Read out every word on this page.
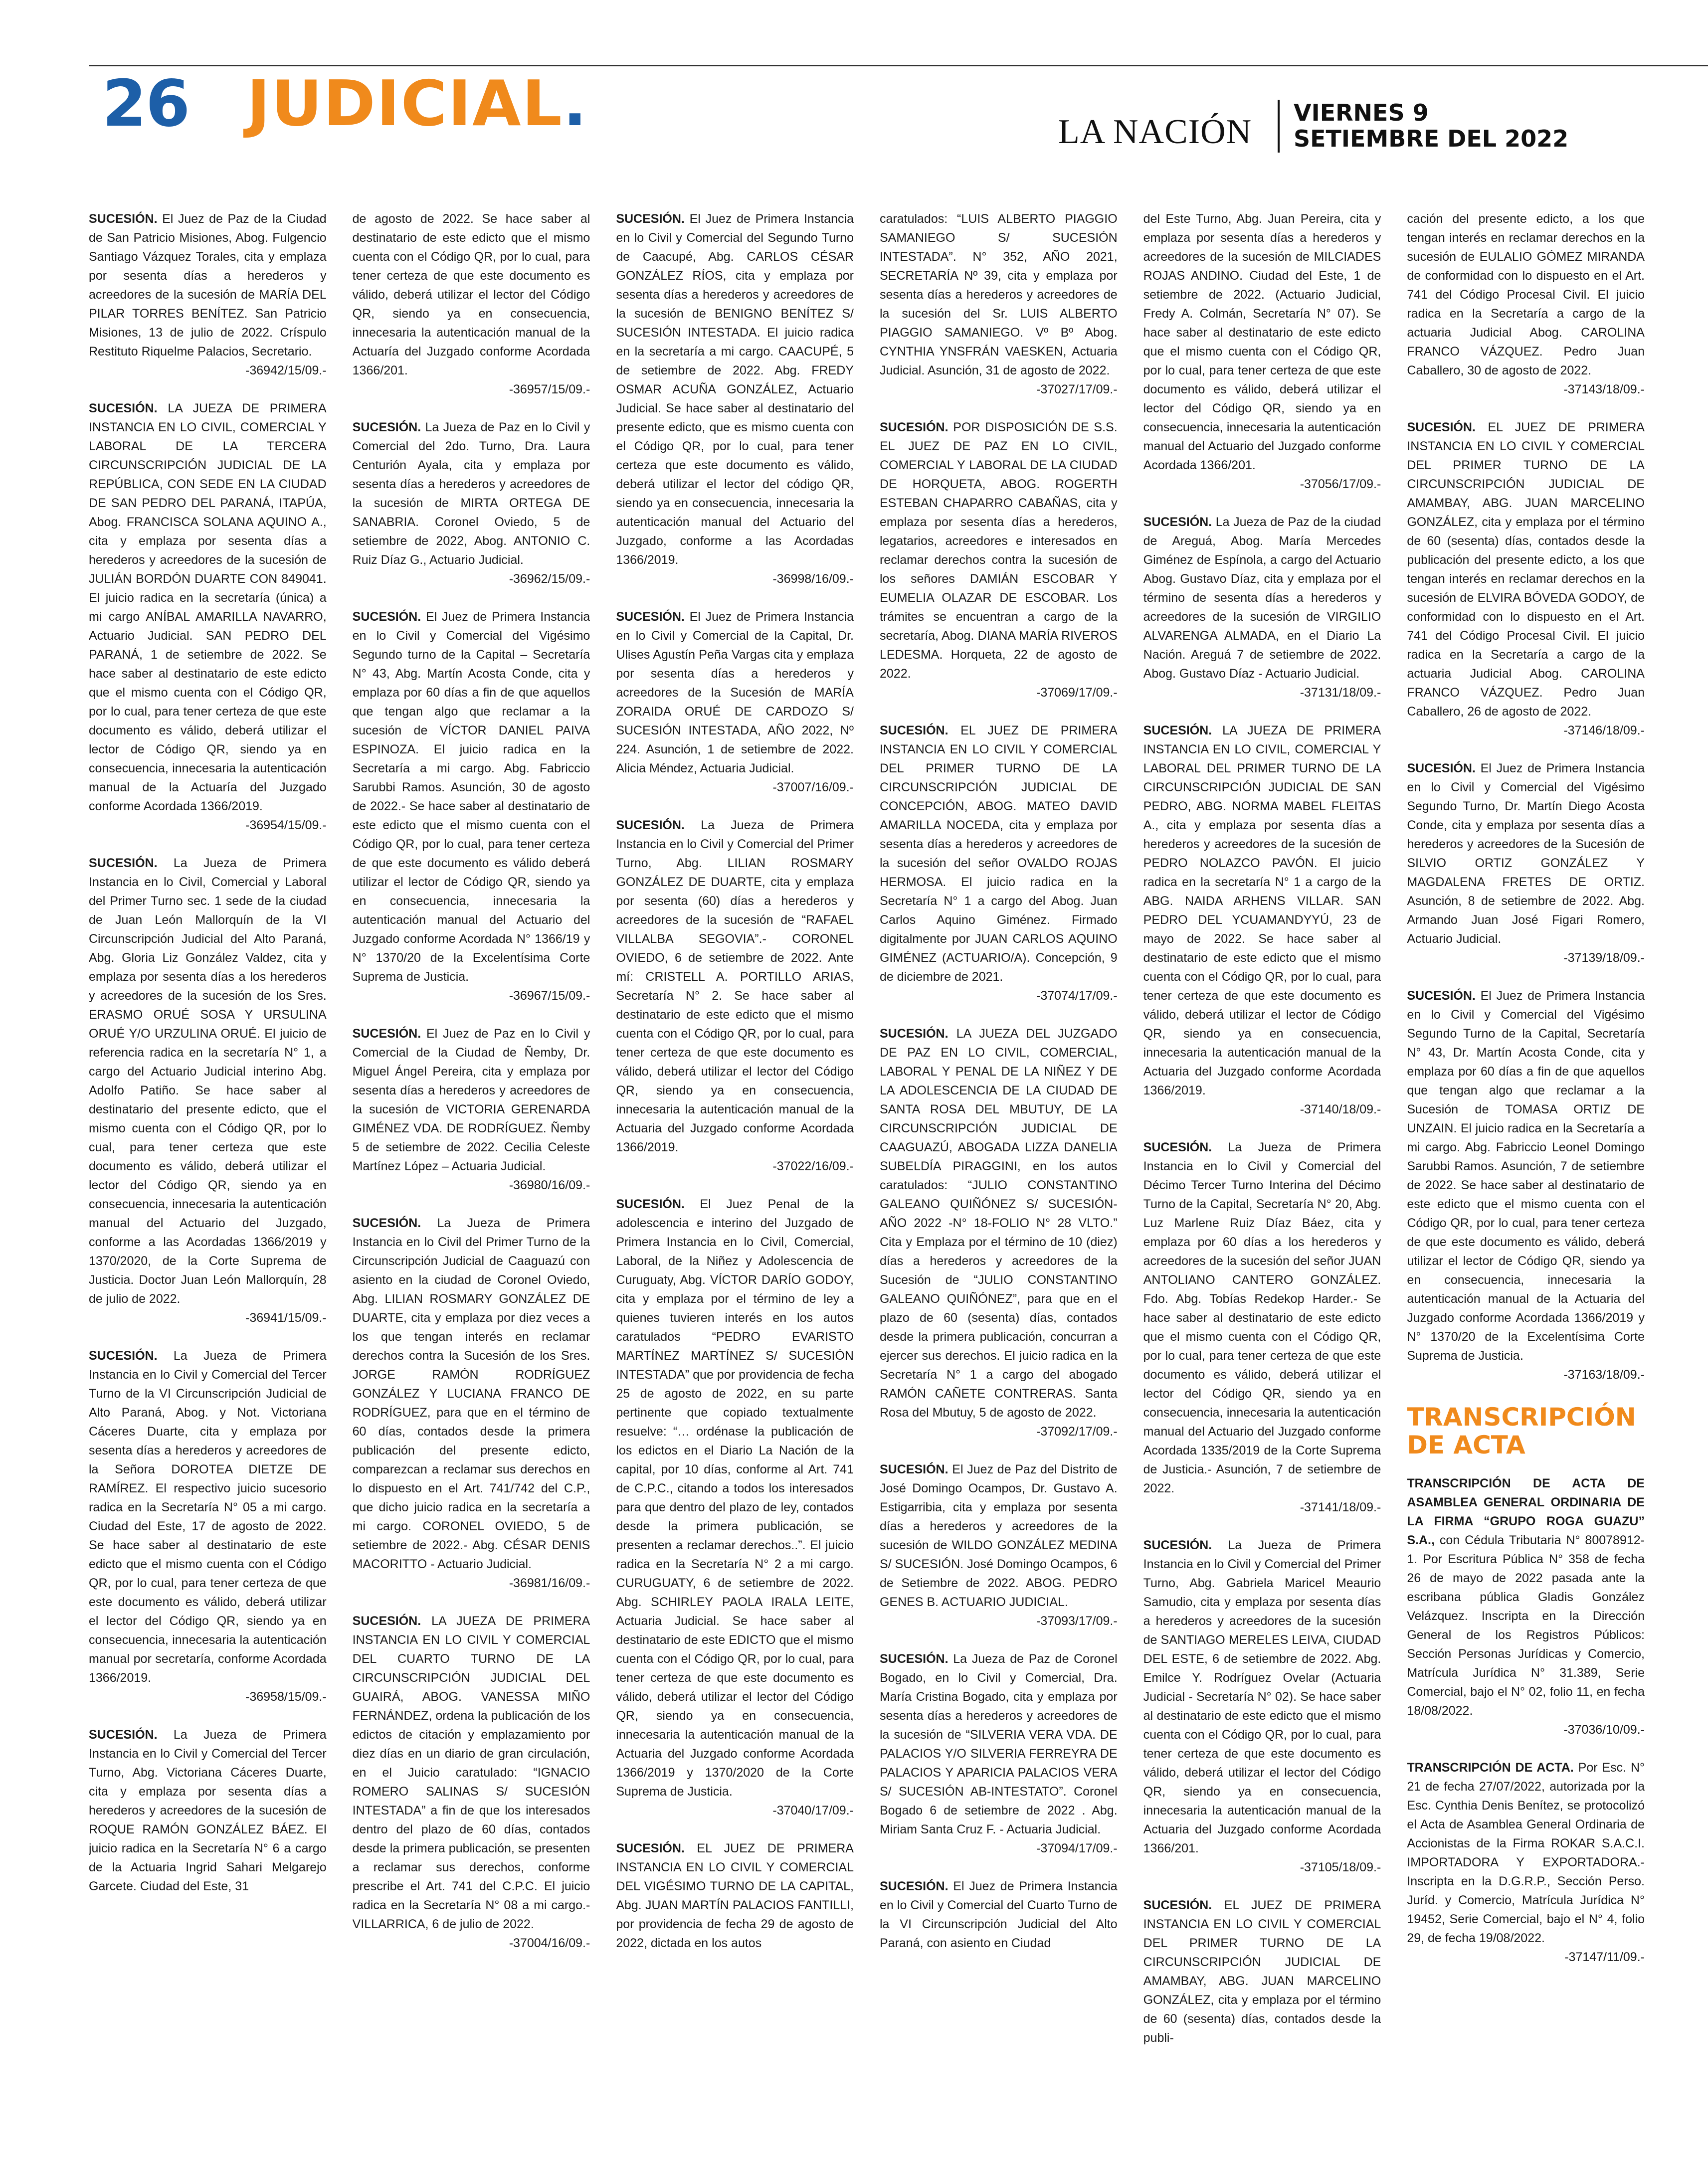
26 JUDICIAL.	LA NACIÓN VIERNES 9
SETIEMBRE DEL 2022

SUCESIÓN. El Juez de Paz de la Ciudad de San Patricio Misiones, Abog. Fulgencio Santiago Vázquez Torales, cita y emplaza por sesenta días a herederos y acreedores de la sucesión de MARÍA DEL PILAR TORRES BENÍTEZ. San Patricio Misiones, 13 de julio de 2022. Críspulo Restituto Riquelme Palacios, Secretario.
-36942/15/09.-

SUCESIÓN. LA JUEZA DE PRIMERA INSTANCIA EN LO CIVIL, COMERCIAL Y LABORAL DE LA TERCERA CIRCUNSCRIPCIÓN JUDICIAL DE LA REPÚBLICA, CON SEDE EN LA CIUDAD DE SAN PEDRO DEL PARANÁ, ITAPÚA, Abog. FRANCISCA SOLANA AQUINO A., cita y emplaza por sesenta días a herederos y acreedores de la sucesión de JULIÁN BORDÓN DUARTE CON 849041. El juicio radica en la secretaría (única) a mi cargo ANÍBAL AMARILLA NAVARRO, Actuario Judicial. SAN PEDRO DEL PARANÁ, 1 de setiembre de 2022. Se hace saber al destinatario de este edicto que el mismo cuenta con el Código QR, por lo cual, para tener certeza de que este documento es válido, deberá utilizar el lector de Código QR, siendo ya en consecuencia, innecesaria la autenticación manual de la Actuaría del Juzgado conforme Acordada 1366/2019.
-36954/15/09.-

SUCESIÓN. La Jueza de Primera Instancia en lo Civil, Comercial y Laboral del Primer Turno sec. 1 sede de la ciudad de Juan León Mallorquín de la VI Circunscripción Judicial del Alto Paraná, Abg. Gloria Liz González Valdez, cita y emplaza por sesenta días a los herederos y acreedores de la sucesión de los Sres. ERASMO ORUÉ SOSA Y URSULINA ORUÉ Y/O URZULINA ORUÉ. El juicio de referencia radica en la secretaría N° 1, a cargo del Actuario Judicial interino Abg. Adolfo Patiño. Se hace saber al destinatario del presente edicto, que el mismo cuenta con el Código QR, por lo cual, para tener certeza que este documento es válido, deberá utilizar el lector del Código QR, siendo ya en consecuencia, innecesaria la autenticación manual del Actuario del Juzgado, conforme a las Acordadas 1366/2019 y 1370/2020, de la Corte Suprema de Justicia. Doctor Juan León Mallorquín, 28 de julio de 2022.
-36941/15/09.-

SUCESIÓN. La Jueza de Primera Instancia en lo Civil y Comercial del Tercer Turno de la VI Circunscripción Judicial de Alto Paraná, Abog. y Not. Victoriana Cáceres Duarte, cita y emplaza por sesenta días a herederos y acreedores de la Señora DOROTEA DIETZE DE RAMÍREZ. El respectivo juicio sucesorio radica en la Secretaría N° 05 a mi cargo. Ciudad del Este, 17 de agosto de 2022. Se hace saber al destinatario de este edicto que el mismo cuenta con el Código QR, por lo cual, para tener certeza de que este documento es válido, deberá utilizar el lector del Código QR, siendo ya en consecuencia, innecesaria la autenticación manual por secretaría, conforme Acordada 1366/2019.
-36958/15/09.-

SUCESIÓN. La Jueza de Primera Instancia en lo Civil y Comercial del Tercer Turno, Abg. Victoriana Cáceres Duarte, cita y emplaza por sesenta días a herederos y acreedores de la sucesión de ROQUE RAMÓN GONZÁLEZ BÁEZ. El juicio radica en la Secretaría N° 6 a cargo de la Actuaria Ingrid Sahari Melgarejo Garcete. Ciudad del Este, 31

de agosto de 2022. Se hace saber al destinatario de este edicto que el mismo cuenta con el Código QR, por lo cual, para tener certeza de que este documento es válido, deberá utilizar el lector del Código QR, siendo ya en consecuencia, innecesaria la autenticación manual de la Actuaría del Juzgado conforme Acordada 1366/201.
-36957/15/09.-

SUCESIÓN. La Jueza de Paz en lo Civil y Comercial del 2do. Turno, Dra. Laura Centurión Ayala, cita y emplaza por sesenta días a herederos y acreedores de la sucesión de MIRTA ORTEGA DE SANABRIA. Coronel Oviedo, 5 de setiembre de 2022, Abog. ANTONIO C. Ruiz Díaz G., Actuario Judicial.
-36962/15/09.-

SUCESIÓN. El Juez de Primera Instancia en lo Civil y Comercial del Vigésimo Segundo turno de la Capital – Secretaría N° 43, Abg. Martín Acosta Conde, cita y emplaza por 60 días a fin de que aquellos que tengan algo que reclamar a la sucesión de VÍCTOR DANIEL PAIVA ESPINOZA. El juicio radica en la Secretaría a mi cargo. Abg. Fabriccio Sarubbi Ramos. Asunción, 30 de agosto de 2022.- Se hace saber al destinatario de este edicto que el mismo cuenta con el Código QR, por lo cual, para tener certeza de que este documento es válido deberá utilizar el lector de Código QR, siendo ya en consecuencia, innecesaria la autenticación manual del Actuario del Juzgado conforme Acordada N° 1366/19 y N° 1370/20 de la Excelentísima Corte Suprema de Justicia.
-36967/15/09.-

SUCESIÓN. El Juez de Paz en lo Civil y Comercial de la Ciudad de Ñemby, Dr. Miguel Ángel Pereira, cita y emplaza por sesenta días a herederos y acreedores de la sucesión de VICTORIA GERENARDA GIMÉNEZ VDA. DE RODRÍGUEZ. Ñemby 5 de setiembre de 2022. Cecilia Celeste Martínez López – Actuaria Judicial.
-36980/16/09.-

SUCESIÓN. La Jueza de Primera Instancia en lo Civil del Primer Turno de la Circunscripción Judicial de Caaguazú con asiento en la ciudad de Coronel Oviedo, Abg. LILIAN ROSMARY GONZÁLEZ DE DUARTE, cita y emplaza por diez veces a los que tengan interés en reclamar derechos contra la Sucesión de los Sres. JORGE RAMÓN RODRÍGUEZ GONZÁLEZ Y LUCIANA FRANCO DE RODRÍGUEZ, para que en el término de 60 días, contados desde la primera publicación del presente edicto, comparezcan a reclamar sus derechos en lo dispuesto en el Art. 741/742 del C.P., que dicho juicio radica en la secretaría a mi cargo. CORONEL OVIEDO, 5 de setiembre de 2022.- Abg. CÉSAR DENIS MACORITTO - Actuario Judicial.
-36981/16/09.-

SUCESIÓN. LA JUEZA DE PRIMERA INSTANCIA EN LO CIVIL Y COMERCIAL DEL CUARTO TURNO DE LA CIRCUNSCRIPCIÓN JUDICIAL DEL GUAIRÁ, ABOG. VANESSA MIÑO FERNÁNDEZ, ordena la publicación de los edictos de citación y emplazamiento por diez días en un diario de gran circulación, en el Juicio caratulado: “IGNACIO ROMERO SALINAS S/ SUCESIÓN INTESTADA” a fin de que los interesados dentro del plazo de 60 días, contados desde la primera publicación, se presenten a reclamar sus derechos, conforme prescribe el Art. 741 del C.P.C. El juicio radica en la Secretaría N° 08 a mi cargo.- VILLARRICA, 6 de julio de 2022.
-37004/16/09.-

SUCESIÓN. El Juez de Primera Instancia en lo Civil y Comercial del Segundo Turno de Caacupé, Abg. CARLOS CÉSAR GONZÁLEZ RÍOS, cita y emplaza por sesenta días a herederos y acreedores de la sucesión de BENIGNO BENÍTEZ S/ SUCESIÓN INTESTADA. El juicio radica en la secretaría a mi cargo. CAACUPÉ, 5 de setiembre de 2022. Abg. FREDY OSMAR ACUÑA GONZÁLEZ, Actuario Judicial. Se hace saber al destinatario del presente edicto, que es mismo cuenta con el Código QR, por lo cual, para tener certeza que este documento es válido, deberá utilizar el lector del código QR, siendo ya en consecuencia, innecesaria la autenticación manual del Actuario del Juzgado, conforme a las Acordadas 1366/2019.
-36998/16/09.-

SUCESIÓN. El Juez de Primera Instancia en lo Civil y Comercial de la Capital, Dr. Ulises Agustín Peña Vargas cita y emplaza por sesenta días a herederos y acreedores de la Sucesión de MARÍA ZORAIDA ORUÉ DE CARDOZO S/ SUCESIÓN INTESTADA, AÑO 2022, Nº 224. Asunción, 1 de setiembre de 2022. Alicia Méndez, Actuaria Judicial.
-37007/16/09.-

SUCESIÓN. La Jueza de Primera Instancia en lo Civil y Comercial del Primer Turno, Abg. LILIAN ROSMARY GONZÁLEZ DE DUARTE, cita y emplaza por sesenta (60) días a herederos y acreedores de la sucesión de “RAFAEL VILLALBA SEGOVIA”.- CORONEL OVIEDO, 6 de setiembre de 2022. Ante mí: CRISTELL A. PORTILLO ARIAS, Secretaría N° 2. Se hace saber al destinatario de este edicto que el mismo cuenta con el Código QR, por lo cual, para tener certeza de que este documento es válido, deberá utilizar el lector del Código QR, siendo ya en consecuencia, innecesaria la autenticación manual de la Actuaria del Juzgado conforme Acordada 1366/2019.
-37022/16/09.-

SUCESIÓN. El Juez Penal de la adolescencia e interino del Juzgado de Primera Instancia en lo Civil, Comercial, Laboral, de la Niñez y Adolescencia de Curuguaty, Abg. VÍCTOR DARÍO GODOY, cita y emplaza por el término de ley a quienes tuvieren interés en los autos caratulados “PEDRO EVARISTO MARTÍNEZ MARTÍNEZ S/ SUCESIÓN INTESTADA” que por providencia de fecha 25 de agosto de 2022, en su parte pertinente que copiado textualmente resuelve: “… ordénase la publicación de los edictos en el Diario La Nación de la capital, por 10 días, conforme al Art. 741 de C.P.C., citando a todos los interesados para que dentro del plazo de ley, contados desde la primera publicación, se presenten a reclamar derechos..”. El juicio radica en la Secretaría N° 2 a mi cargo. CURUGUATY, 6 de setiembre de 2022. Abg. SCHIRLEY PAOLA IRALA LEITE, Actuaria Judicial. Se hace saber al destinatario de este EDICTO que el mismo cuenta con el Código QR, por lo cual, para tener certeza de que este documento es válido, deberá utilizar el lector del Código QR, siendo ya en consecuencia, innecesaria la autenticación manual de la Actuaria del Juzgado conforme Acordada 1366/2019 y 1370/2020 de la Corte Suprema de Justicia.
-37040/17/09.-

SUCESIÓN. EL JUEZ DE PRIMERA INSTANCIA EN LO CIVIL Y COMERCIAL DEL VIGÉSIMO TURNO DE LA CAPITAL, Abg. JUAN MARTÍN PALACIOS FANTILLI, por providencia de fecha 29 de agosto de 2022, dictada en los autos

caratulados: “LUIS ALBERTO PIAGGIO SAMANIEGO S/ SUCESIÓN INTESTADA”. N° 352, AÑO 2021, SECRETARÍA Nº 39, cita y emplaza por sesenta días a herederos y acreedores de la sucesión del Sr. LUIS ALBERTO PIAGGIO SAMANIEGO. Vº Bº Abog. CYNTHIA YNSFRÁN VAESKEN, Actuaria Judicial. Asunción, 31 de agosto de 2022.
-37027/17/09.-

SUCESIÓN. POR DISPOSICIÓN DE S.S. EL JUEZ DE PAZ EN LO CIVIL, COMERCIAL Y LABORAL DE LA CIUDAD DE HORQUETA, ABOG. ROGERTH ESTEBAN CHAPARRO CABAÑAS, cita y emplaza por sesenta días a herederos, legatarios, acreedores e interesados en reclamar derechos contra la sucesión de los señores DAMIÁN ESCOBAR Y EUMELIA OLAZAR DE ESCOBAR. Los trámites se encuentran a cargo de la secretaría, Abog. DIANA MARÍA RIVEROS LEDESMA. Horqueta, 22 de agosto de 2022.
-37069/17/09.-

SUCESIÓN. EL JUEZ DE PRIMERA INSTANCIA EN LO CIVIL Y COMERCIAL DEL PRIMER TURNO DE LA CIRCUNSCRIPCIÓN JUDICIAL DE CONCEPCIÓN, ABOG. MATEO DAVID AMARILLA NOCEDA, cita y emplaza por sesenta días a herederos y acreedores de la sucesión del señor OVALDO ROJAS HERMOSA. El juicio radica en la Secretaría N° 1 a cargo del Abog. Juan Carlos Aquino Giménez. Firmado digitalmente por JUAN CARLOS AQUINO GIMÉNEZ (ACTUARIO/A). Concepción, 9 de diciembre de 2021.
-37074/17/09.-

SUCESIÓN. LA JUEZA DEL JUZGADO DE PAZ EN LO CIVIL, COMERCIAL, LABORAL Y PENAL DE LA NIÑEZ Y DE LA ADOLESCENCIA DE LA CIUDAD DE SANTA ROSA DEL MBUTUY, DE LA CIRCUNSCRIPCIÓN JUDICIAL DE CAAGUAZÚ, ABOGADA LIZZA DANELIA SUBELDÍA PIRAGGINI, en los autos caratulados: “JULIO CONSTANTINO GALEANO QUIÑÓNEZ S/ SUCESIÓN-AÑO 2022 -N° 18-FOLIO N° 28 VLTO.” Cita y Emplaza por el término de 10 (diez) días a herederos y acreedores de la Sucesión de “JULIO CONSTANTINO GALEANO QUIÑÓNEZ”, para que en el plazo de 60 (sesenta) días, contados desde la primera publicación, concurran a ejercer sus derechos. El juicio radica en la Secretaría N° 1 a cargo del abogado RAMÓN CAÑETE CONTRERAS. Santa Rosa del Mbutuy, 5 de agosto de 2022.
-37092/17/09.-

SUCESIÓN. El Juez de Paz del Distrito de José Domingo Ocampos, Dr. Gustavo A. Estigarribia, cita y emplaza por sesenta días a herederos y acreedores de la sucesión de WILDO GONZÁLEZ MEDINA S/ SUCESIÓN. José Domingo Ocampos, 6 de Setiembre de 2022. ABOG. PEDRO GENES B. ACTUARIO JUDICIAL.
-37093/17/09.-

SUCESIÓN. La Jueza de Paz de Coronel Bogado, en lo Civil y Comercial, Dra. María Cristina Bogado, cita y emplaza por sesenta días a herederos y acreedores de la sucesión de “SILVERIA VERA VDA. DE PALACIOS Y/O SILVERIA FERREYRA DE PALACIOS Y APARICIA PALACIOS VERA S/ SUCESIÓN AB-INTESTATO”. Coronel Bogado 6 de setiembre de 2022 . Abg. Miriam Santa Cruz F. - Actuaria Judicial.
-37094/17/09.-

SUCESIÓN. El Juez de Primera Instancia en lo Civil y Comercial del Cuarto Turno de la VI Circunscripción Judicial del Alto Paraná, con asiento en Ciudad

del Este Turno, Abg. Juan Pereira, cita y emplaza por sesenta días a herederos y acreedores de la sucesión de MILCIADES ROJAS ANDINO. Ciudad del Este, 1 de setiembre de 2022. (Actuario Judicial, Fredy A. Colmán, Secretaría N° 07). Se hace saber al destinatario de este edicto que el mismo cuenta con el Código QR, por lo cual, para tener certeza de que este documento es válido, deberá utilizar el lector del Código QR, siendo ya en consecuencia, innecesaria la autenticación manual del Actuario del Juzgado conforme Acordada 1366/201.
-37056/17/09.-

SUCESIÓN. La Jueza de Paz de la ciudad de Areguá, Abog. María Mercedes Giménez de Espínola, a cargo del Actuario Abog. Gustavo Díaz, cita y emplaza por el término de sesenta días a herederos y acreedores de la sucesión de VIRGILIO ALVARENGA ALMADA, en el Diario La Nación. Areguá 7 de setiembre de 2022. Abog. Gustavo Díaz - Actuario Judicial.
-37131/18/09.-

SUCESIÓN. LA JUEZA DE PRIMERA INSTANCIA EN LO CIVIL, COMERCIAL Y LABORAL DEL PRIMER TURNO DE LA CIRCUNSCRIPCIÓN JUDICIAL DE SAN PEDRO, ABG. NORMA MABEL FLEITAS A., cita y emplaza por sesenta días a herederos y acreedores de la sucesión de PEDRO NOLAZCO PAVÓN. El juicio radica en la secretaría N° 1 a cargo de la ABG. NAIDA ARHENS VILLAR. SAN PEDRO DEL YCUAMANDYYÚ, 23 de mayo de 2022. Se hace saber al destinatario de este edicto que el mismo cuenta con el Código QR, por lo cual, para tener certeza de que este documento es válido, deberá utilizar el lector de Código QR, siendo ya en consecuencia, innecesaria la autenticación manual de la Actuaria del Juzgado conforme Acordada 1366/2019.
-37140/18/09.-

SUCESIÓN. La Jueza de Primera Instancia en lo Civil y Comercial del Décimo Tercer Turno Interina del Décimo Turno de la Capital, Secretaría N° 20, Abg. Luz Marlene Ruiz Díaz Báez, cita y emplaza por 60 días a los herederos y acreedores de la sucesión del señor JUAN ANTOLIANO CANTERO GONZÁLEZ. Fdo. Abg. Tobías Redekop Harder.- Se hace saber al destinatario de este edicto que el mismo cuenta con el Código QR, por lo cual, para tener certeza de que este documento es válido, deberá utilizar el lector del Código QR, siendo ya en consecuencia, innecesaria la autenticación manual del Actuario del Juzgado conforme Acordada 1335/2019 de la Corte Suprema de Justicia.- Asunción, 7 de setiembre de 2022.
-37141/18/09.-

SUCESIÓN. La Jueza de Primera Instancia en lo Civil y Comercial del Primer Turno, Abg. Gabriela Maricel Meaurio Samudio, cita y emplaza por sesenta días a herederos y acreedores de la sucesión de SANTIAGO MERELES LEIVA, CIUDAD DEL ESTE, 6 de setiembre de 2022. Abg. Emilce Y. Rodríguez Ovelar (Actuaria Judicial - Secretaría N° 02). Se hace saber al destinatario de este edicto que el mismo cuenta con el Código QR, por lo cual, para tener certeza de que este documento es válido, deberá utilizar el lector del Código QR, siendo ya en consecuencia, innecesaria la autenticación manual de la Actuaria del Juzgado conforme Acordada 1366/201.
-37105/18/09.-

SUCESIÓN. EL JUEZ DE PRIMERA INSTANCIA EN LO CIVIL Y COMERCIAL DEL PRIMER TURNO DE LA CIRCUNSCRIPCIÓN JUDICIAL DE AMAMBAY, ABG. JUAN MARCELINO GONZÁLEZ, cita y emplaza por el término de 60 (sesenta) días, contados desde la publi-

cación del presente edicto, a los que tengan interés en reclamar derechos en la sucesión de EULALIO GÓMEZ MIRANDA de conformidad con lo dispuesto en el Art. 741 del Código Procesal Civil. El juicio radica en la Secretaría a cargo de la actuaria Judicial Abog. CAROLINA FRANCO VÁZQUEZ. Pedro Juan Caballero, 30 de agosto de 2022.
-37143/18/09.-

SUCESIÓN. EL JUEZ DE PRIMERA INSTANCIA EN LO CIVIL Y COMERCIAL DEL PRIMER TURNO DE LA CIRCUNSCRIPCIÓN JUDICIAL DE AMAMBAY, ABG. JUAN MARCELINO GONZÁLEZ, cita y emplaza por el término de 60 (sesenta) días, contados desde la publicación del presente edicto, a los que tengan interés en reclamar derechos en la sucesión de ELVIRA BÓVEDA GODOY, de conformidad con lo dispuesto en el Art. 741 del Código Procesal Civil. El juicio radica en la Secretaría a cargo de la actuaria Judicial Abog. CAROLINA FRANCO VÁZQUEZ. Pedro Juan Caballero, 26 de agosto de 2022.
-37146/18/09.-

SUCESIÓN. El Juez de Primera Instancia en lo Civil y Comercial del Vigésimo Segundo Turno, Dr. Martín Diego Acosta Conde, cita y emplaza por sesenta días a herederos y acreedores de la Sucesión de SILVIO ORTIZ GONZÁLEZ Y MAGDALENA FRETES DE ORTIZ. Asunción, 8 de setiembre de 2022. Abg. Armando Juan José Figari Romero, Actuario Judicial.
-37139/18/09.-

SUCESIÓN. El Juez de Primera Instancia en lo Civil y Comercial del Vigésimo Segundo Turno de la Capital, Secretaría N° 43, Dr. Martín Acosta Conde, cita y emplaza por 60 días a fin de que aquellos que tengan algo que reclamar a la Sucesión de TOMASA ORTIZ DE UNZAIN. El juicio radica en la Secretaría a mi cargo. Abg. Fabriccio Leonel Domingo Sarubbi Ramos. Asunción, 7 de setiembre de 2022. Se hace saber al destinatario de este edicto que el mismo cuenta con el Código QR, por lo cual, para tener certeza de que este documento es válido, deberá utilizar el lector de Código QR, siendo ya en consecuencia, innecesaria la autenticación manual de la Actuaria del Juzgado conforme Acordada 1366/2019 y N° 1370/20 de la Excelentísima Corte Suprema de Justicia.
-37163/18/09.-

TRANSCRIPCIÓN DE ACTA

TRANSCRIPCIÓN DE ACTA DE ASAMBLEA GENERAL ORDINARIA DE LA FIRMA “GRUPO ROGA GUAZU” S.A., con Cédula Tributaria N° 80078912-1. Por Escritura Pública N° 358 de fecha 26 de mayo de 2022 pasada ante la escribana pública Gladis González Velázquez. Inscripta en la Dirección General de los Registros Públicos: Sección Personas Jurídicas y Comercio, Matrícula Jurídica N° 31.389, Serie Comercial, bajo el N° 02, folio 11, en fecha 18/08/2022.
-37036/10/09.-

TRANSCRIPCIÓN DE ACTA. Por Esc. N° 21 de fecha 27/07/2022, autorizada por la Esc. Cynthia Denis Benítez, se protocolizó el Acta de Asamblea General Ordinaria de Accionistas de la Firma ROKAR S.A.C.I. IMPORTADORA Y EXPORTADORA.- Inscripta en la D.G.R.P., Sección Perso. Juríd. y Comercio, Matrícula Jurídica N° 19452, Serie Comercial, bajo el N° 4, folio 29, de fecha 19/08/2022.
-37147/11/09.-
